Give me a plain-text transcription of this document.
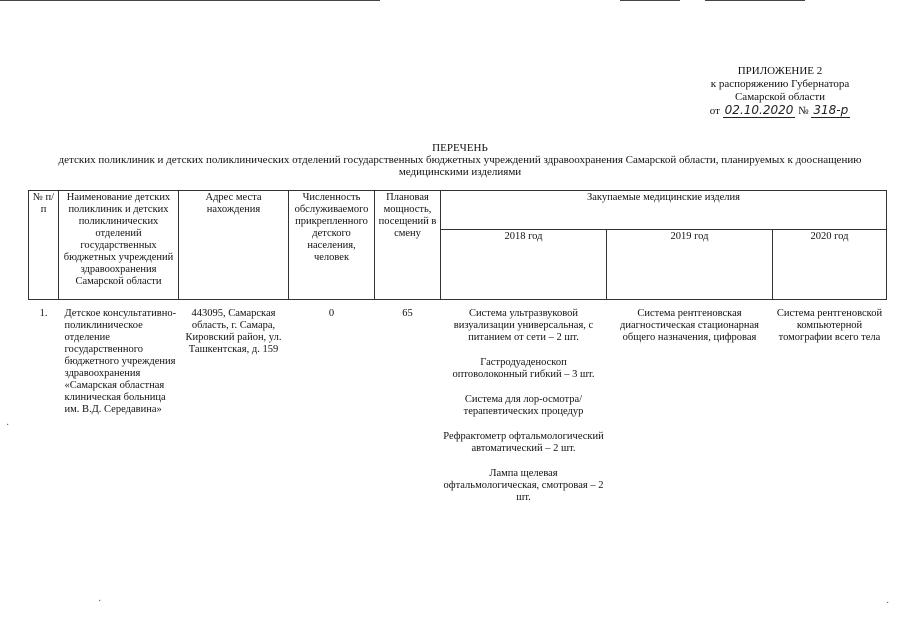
ПРИЛОЖЕНИЕ 2
к распоряжению Губернатора
Самарской области
от 02.10.2020 № 318-р
ПЕРЕЧЕНЬ
детских поликлиник и детских поликлинических отделений государственных бюджетных учреждений здравоохранения Самарской области, планируемых к дооснащению медицинскими изделиями
№ п/п	Наименование детских поликлиник и детских поликлинических отделений государственных бюджетных учреждений здравоохранения Самарской области	Адрес места нахождения	Численность обслуживаемого прикрепленного детского населения, человек	Плановая мощность, посещений в смену	Закупаемые медицинские изделия		
					2018 год	2019 год	2020 год
1.	Детское консультативно-поликлиническое отделение государственного бюджетного учреждения здравоохранения «Самарская областная клиническая больница им. В.Д. Середавина»	443095, Самарская область, г. Самара, Кировский район, ул. Ташкентская, д. 159	0	65	Система ультразвуковой визуализации универсальная, с питанием от сети – 2 шт.
Гастродуаденоскоп оптоволоконный гибкий – 3 шт.
Система для лор-осмотра/терапевтических процедур
Рефрактометр офтальмологический автоматический – 2 шт.
Лампа щелевая офтальмологическая, смотровая – 2 шт.	Система рентгеновская диагностическая стационарная общего назначения, цифровая	Система рентгеновской компьютерной томографии всего тела
·	·
·
